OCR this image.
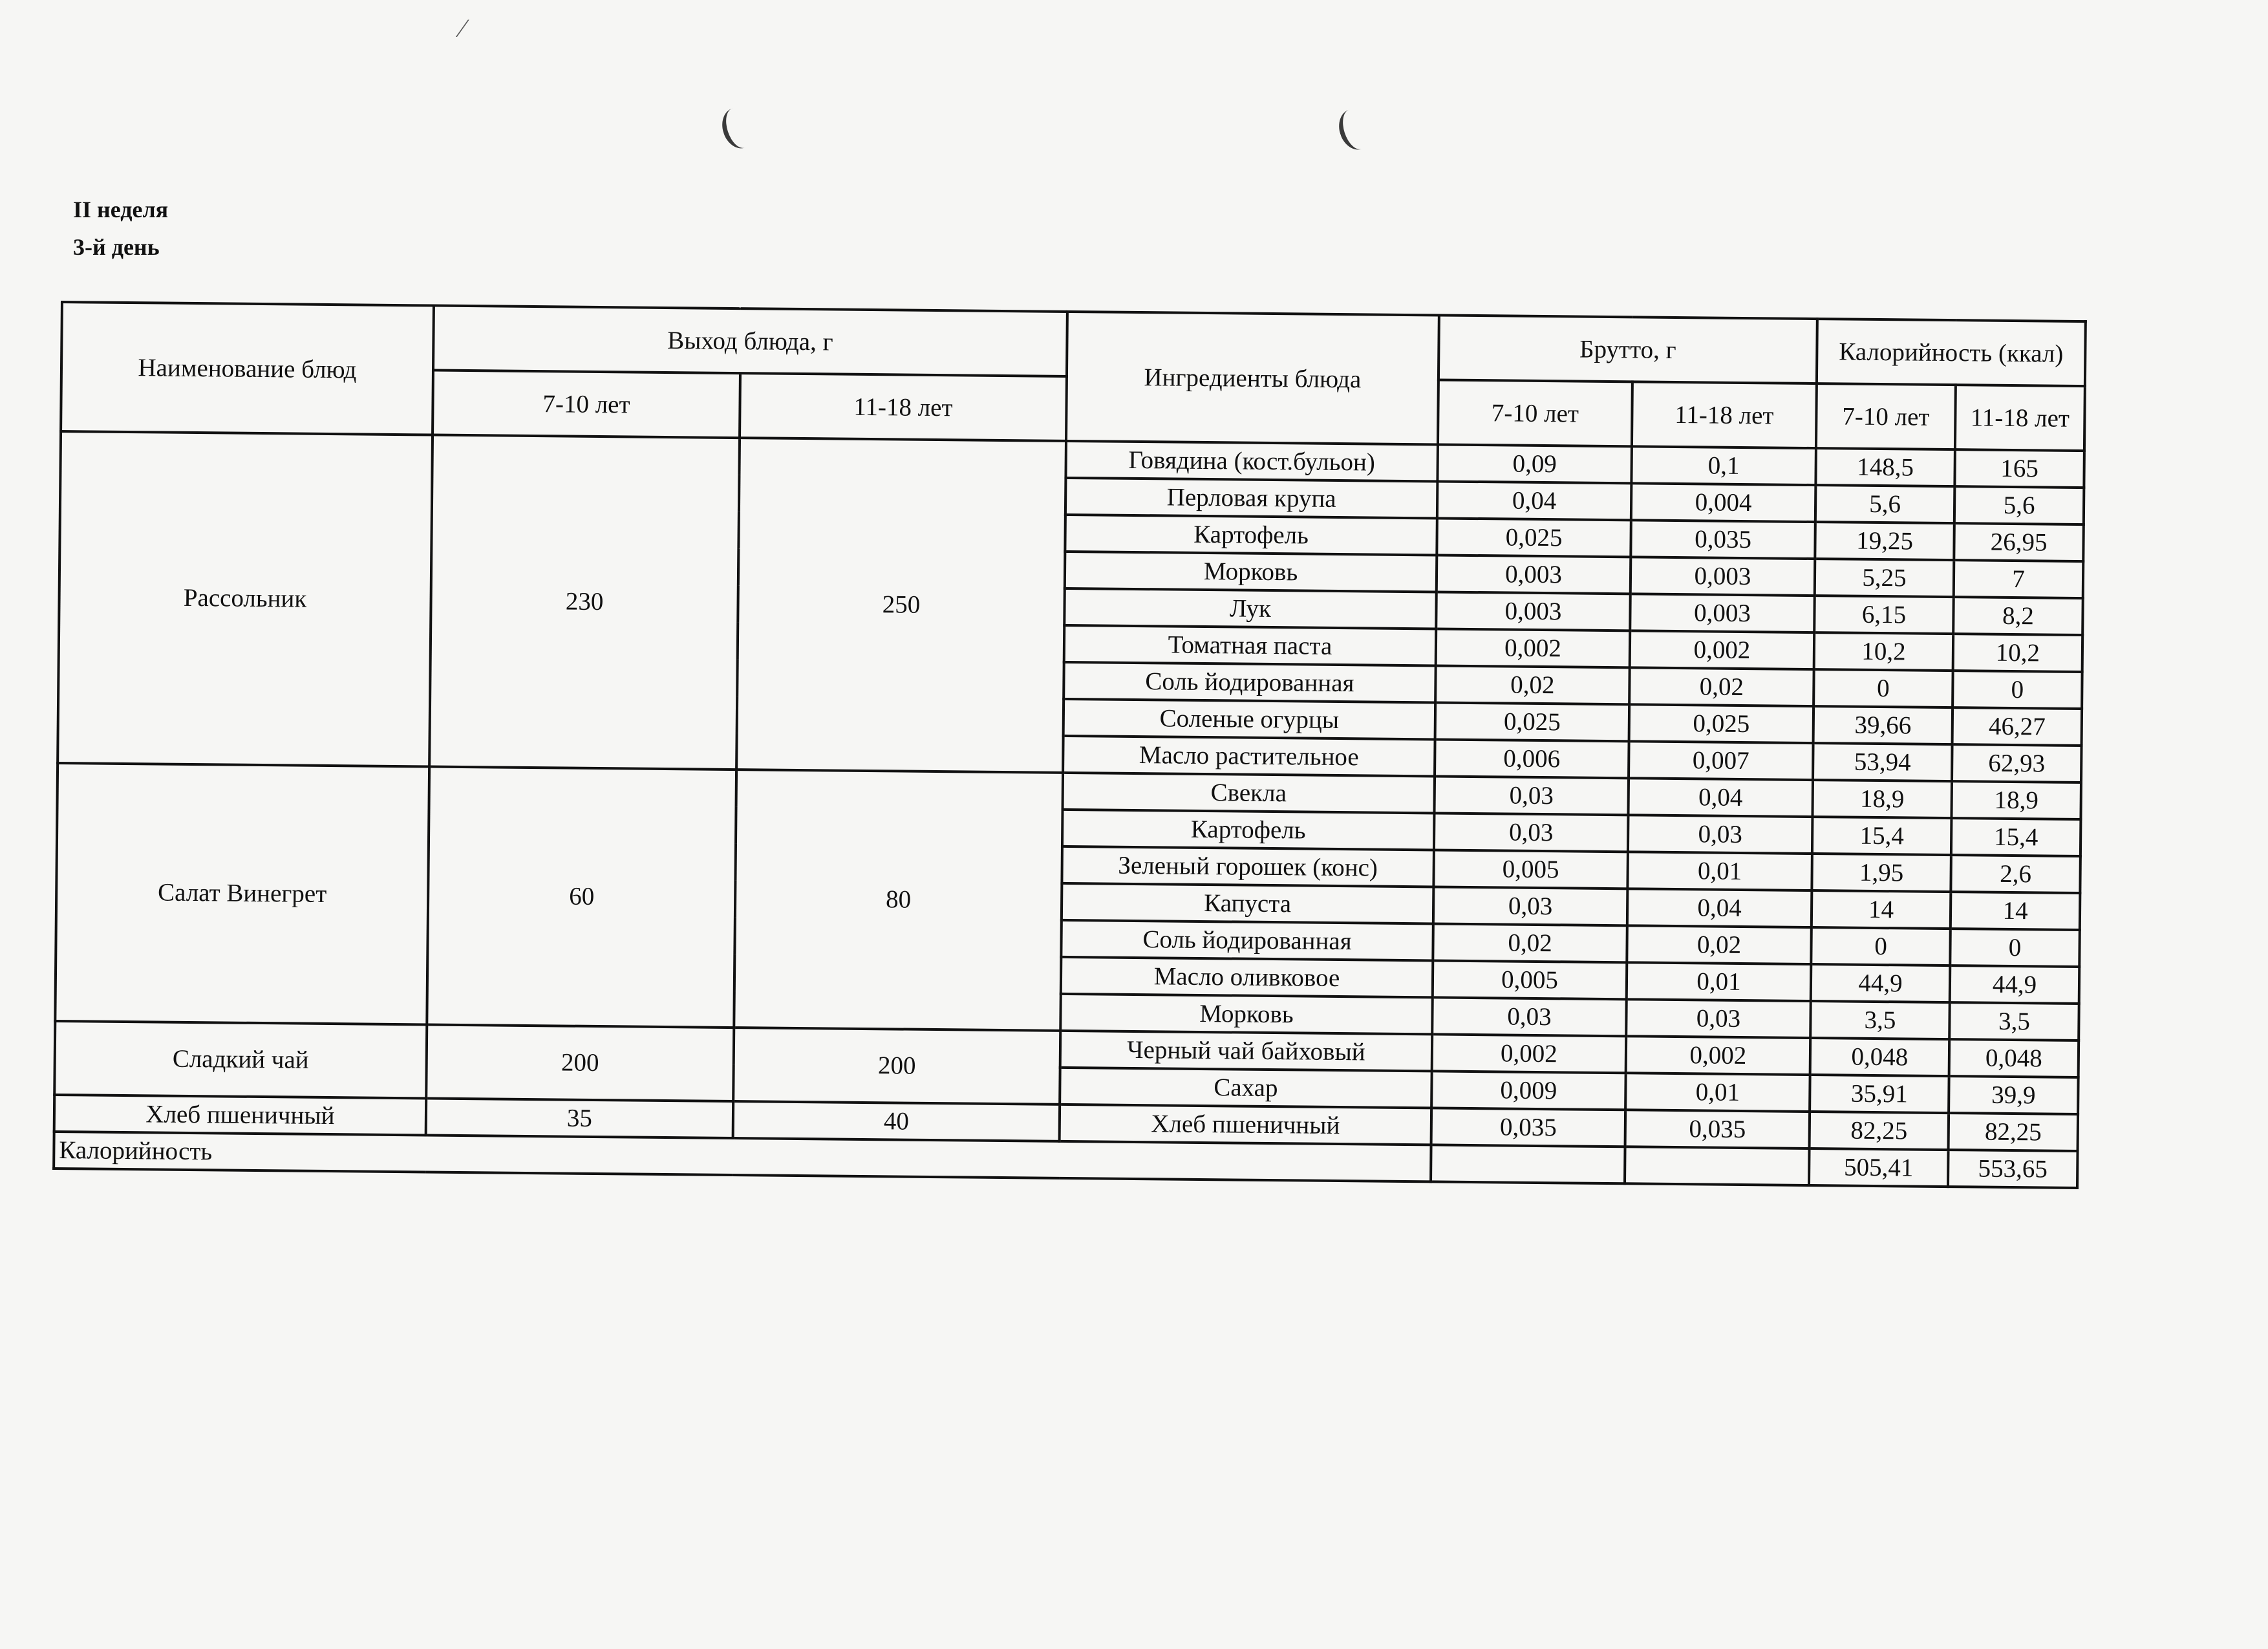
⁄
II неделя
3-й день
Наименование блюд	Выход блюда, г		Ингредиенты блюда	Брутто, г		Калорийность (ккал)	
	7-10 лет	11-18 лет		7-10 лет	11-18 лет	7-10 лет	11-18 лет
Рассольник	230	250	Говядина (кост.бульон)	0,09	0,1	148,5	165
			Перловая крупа	0,04	0,004	5,6	5,6
			Картофель	0,025	0,035	19,25	26,95
			Морковь	0,003	0,003	5,25	7
			Лук	0,003	0,003	6,15	8,2
			Томатная паста	0,002	0,002	10,2	10,2
			Соль йодированная	0,02	0,02	0	0
			Соленые огурцы	0,025	0,025	39,66	46,27
			Масло растительное	0,006	0,007	53,94	62,93
Салат Винегрет	60	80	Свекла	0,03	0,04	18,9	18,9
			Картофель	0,03	0,03	15,4	15,4
			Зеленый горошек (конс)	0,005	0,01	1,95	2,6
			Капуста	0,03	0,04	14	14
			Соль йодированная	0,02	0,02	0	0
			Масло оливковое	0,005	0,01	44,9	44,9
			Морковь	0,03	0,03	3,5	3,5
Сладкий чай	200	200	Черный чай байховый	0,002	0,002	0,048	0,048
			Сахар	0,009	0,01	35,91	39,9
Хлеб пшеничный	35	40	Хлеб пшеничный	0,035	0,035	82,25	82,25
Калорийность						505,41	553,65
